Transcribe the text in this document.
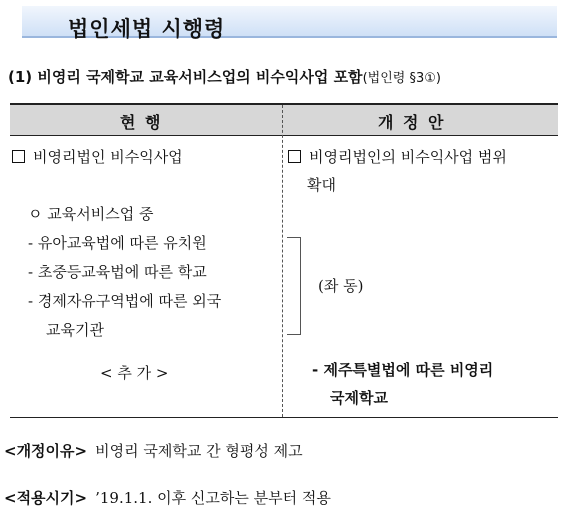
법인세법 시행령
(1) 비영리 국제학교 교육서비스업의 비수익사업 포함(법인령 §3①)
현 행	개 정 안
비영리법인 비수익사업
ㅇ 교육서비스업 중
- 유아교육법에 따른 유치원
- 초중등교육법에 따른 학교
- 경제자유구역법에 따른 외국
교육기관
< 추 가 >
비영리법인의 비수익사업 범위
확대
(좌 동)
- 제주특별법에 따른 비영리
국제학교
<개정이유> 비영리 국제학교 간 형평성 제고
<적용시기> ’19.1.1. 이후 신고하는 분부터 적용
